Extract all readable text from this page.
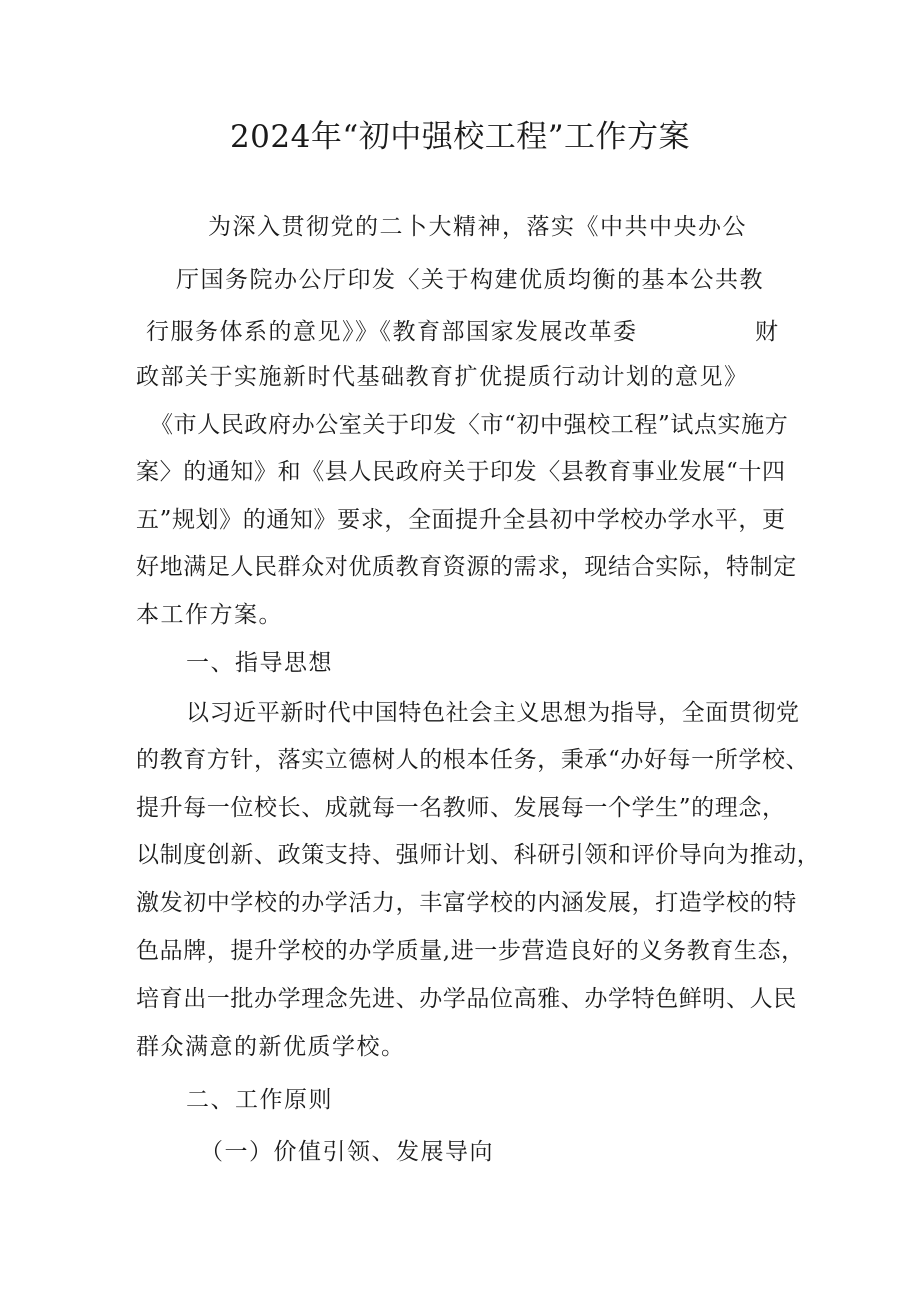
2024年“初中强校工程”工作方案
为深入贯彻党的二卜大精神，落实《中共中央办公
厅国务院办公厅印发〈关于构建优质均衡的基本公共教
行服务体系的意见》》《教育部国家发展改革委	财
政部关于实施新时代基础教育扩优提质行动计划的意见》
《市人民政府办公室关于印发〈市“初中强校工程”试点实施方
案〉的通知》和《县人民政府关于印发〈县教育事业发展“十四
五”规划》的通知》要求，全面提升全县初中学校办学水平，更
好地满足人民群众对优质教育资源的需求，现结合实际，特制定
本工作方案。
一、指导思想
以习近平新时代中国特色社会主义思想为指导，全面贯彻党
的教育方针，落实立德树人的根本任务，秉承“办好每一所学校、
提升每一位校长、成就每一名教师、发展每一个学生”的理念，
以制度创新、政策支持、强师计划、科研引领和评价导向为推动，
激发初中学校的办学活力，丰富学校的内涵发展，打造学校的特
色品牌，提升学校的办学质量,进一步营造良好的义务教育生态，
培育出一批办学理念先进、办学品位高雅、办学特色鲜明、人民
群众满意的新优质学校。
二、工作原则
（一）价值引领、发展导向
